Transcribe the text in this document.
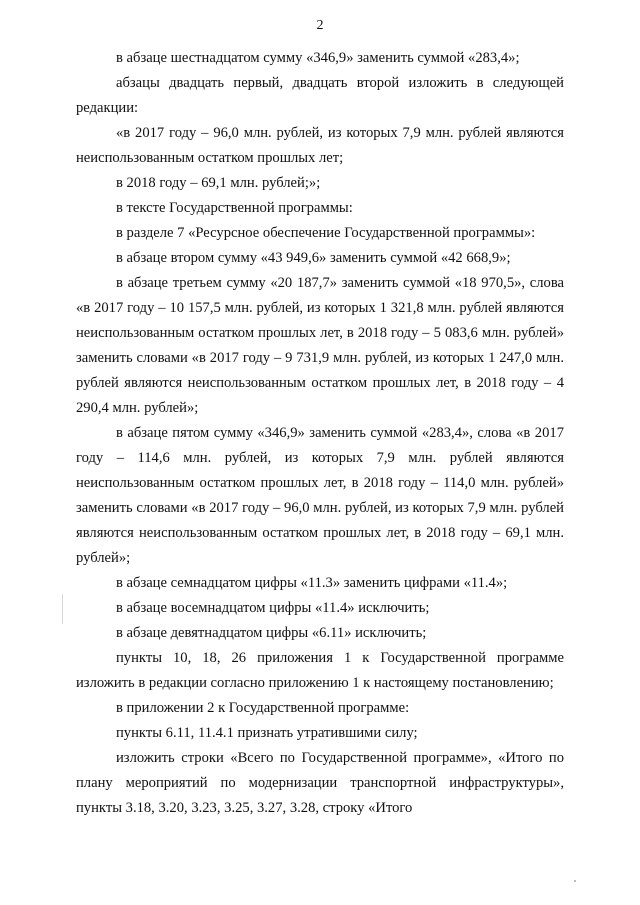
2

в абзаце шестнадцатом сумму «346,9» заменить суммой «283,4»;

абзацы двадцать первый, двадцать второй изложить в следующей редакции:

«в 2017 году – 96,0 млн. рублей, из которых 7,9 млн. рублей являются неиспользованным остатком прошлых лет;

в 2018 году – 69,1 млн. рублей;»;

в тексте Государственной программы:

в разделе 7 «Ресурсное обеспечение Государственной программы»:

в абзаце втором сумму «43 949,6» заменить суммой «42 668,9»;

в абзаце третьем сумму «20 187,7» заменить суммой «18 970,5», слова «в 2017 году – 10 157,5 млн. рублей, из которых 1 321,8 млн. рублей являются неиспользованным остатком прошлых лет, в 2018 году – 5 083,6 млн. рублей» заменить словами «в 2017 году – 9 731,9 млн. рублей, из которых 1 247,0 млн. рублей являются неиспользованным остатком прошлых лет, в 2018 году – 4 290,4 млн. рублей»;

в абзаце пятом сумму «346,9» заменить суммой «283,4», слова «в 2017 году – 114,6 млн. рублей, из которых 7,9 млн. рублей являются неиспользованным остатком прошлых лет, в 2018 году – 114,0 млн. рублей» заменить словами «в 2017 году – 96,0 млн. рублей, из которых 7,9 млн. рублей являются неиспользованным остатком прошлых лет, в 2018 году – 69,1 млн. рублей»;

в абзаце семнадцатом цифры «11.3» заменить цифрами «11.4»;

в абзаце восемнадцатом цифры «11.4» исключить;

в абзаце девятнадцатом цифры «6.11» исключить;

пункты 10, 18, 26 приложения 1 к Государственной программе изложить в редакции согласно приложению 1 к настоящему постановлению;

в приложении 2 к Государственной программе:

пункты 6.11, 11.4.1 признать утратившими силу;

изложить строки «Всего по Государственной программе», «Итого по плану мероприятий по модернизации транспортной инфраструктуры», пункты 3.18, 3.20, 3.23, 3.25, 3.27, 3.28, строку «Итого
